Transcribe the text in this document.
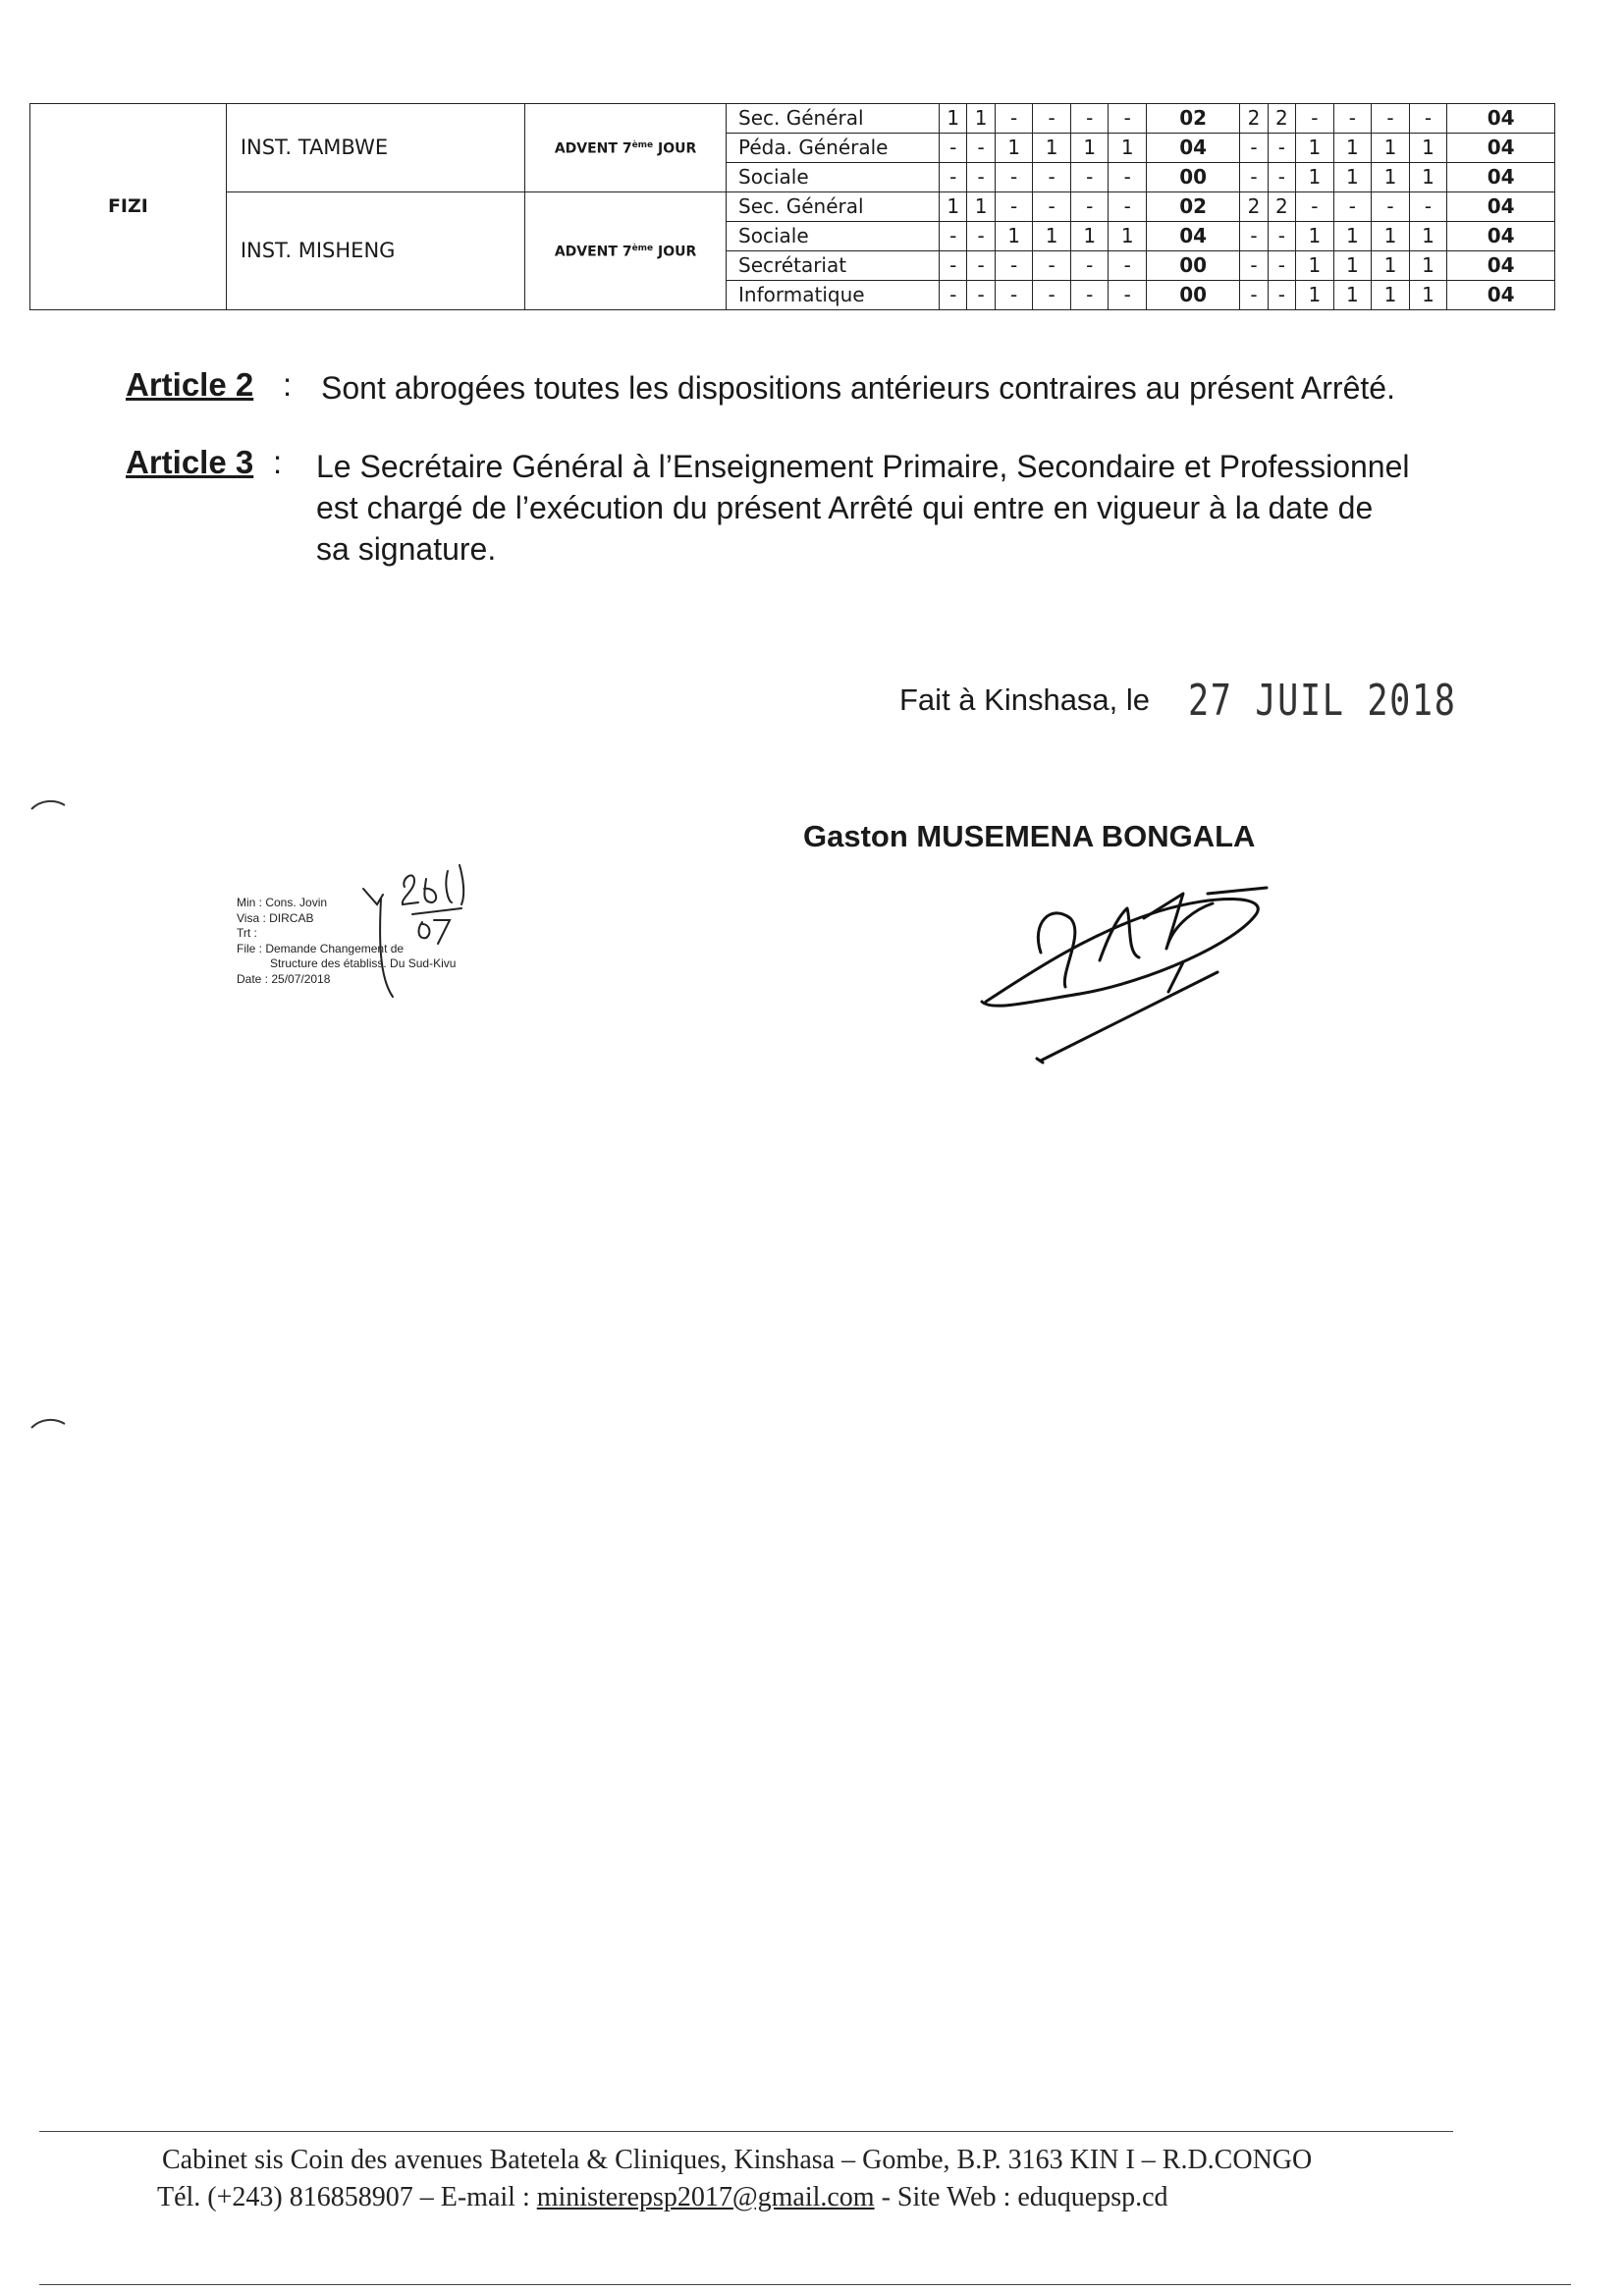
FIZI	INST. TAMBWE	ADVENT 7ème JOUR	Sec. Général	1	1	-	-	-	-	02	2	2	-	-	-	-	04
			Péda. Générale	-	-	1	1	1	1	04	-	-	1	1	1	1	04
			Sociale	-	-	-	-	-	-	00	-	-	1	1	1	1	04
	INST. MISHENG	ADVENT 7ème JOUR	Sec. Général	1	1	-	-	-	-	02	2	2	-	-	-	-	04
			Sociale	-	-	1	1	1	1	04	-	-	1	1	1	1	04
			Secrétariat	-	-	-	-	-	-	00	-	-	1	1	1	1	04
			Informatique	-	-	-	-	-	-	00	-	-	1	1	1	1	04
Article 2 : Sont abrogées toutes les dispositions antérieurs contraires au présent Arrêté.
Article 3 : Le Secrétaire Général à l’Enseignement Primaire, Secondaire et Professionnel
est chargé de l’exécution du présent Arrêté qui entre en vigueur à la date de
sa signature.
Fait à Kinshasa, le 27 JUIL 2018
Gaston MUSEMENA BONGALA
Min : Cons. Jovin
Visa : DIRCAB
Trt :
File : Demande Changement de
Structure des établiss. Du Sud-Kivu
Date : 25/07/2018
Cabinet sis Coin des avenues Batetela & Cliniques, Kinshasa – Gombe, B.P. 3163 KIN I – R.D.CONGO
Tél. (+243) 816858907 – E-mail : ministerepsp2017@gmail.com - Site Web : eduquepsp.cd
